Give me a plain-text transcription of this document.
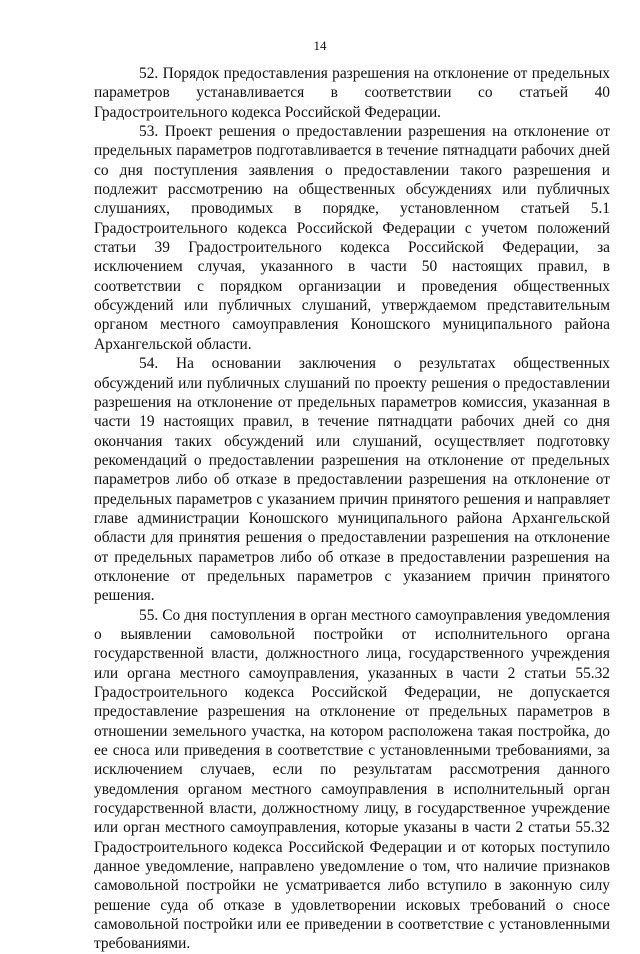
14

52. Порядок предоставления разрешения на отклонение от предельных параметров устанавливается в соответствии со статьей 40 Градостроительного кодекса Российской Федерации.

53. Проект решения о предоставлении разрешения на отклонение от предельных параметров подготавливается в течение пятнадцати рабочих дней со дня поступления заявления о предоставлении такого разрешения и подлежит рассмотрению на общественных обсуждениях или публичных слушаниях, проводимых в порядке, установленном статьей 5.1 Градостроительного кодекса Российской Федерации с учетом положений статьи 39 Градостроительного кодекса Российской Федерации, за исключением случая, указанного в части 50 настоящих правил, в соответствии с порядком организации и проведения общественных обсуждений или публичных слушаний, утверждаемом представительным органом местного самоуправления Коношского муниципального района Архангельской области.

54. На основании заключения о результатах общественных обсуждений или публичных слушаний по проекту решения о предоставлении разрешения на отклонение от предельных параметров комиссия, указанная в части 19 настоящих правил, в течение пятнадцати рабочих дней со дня окончания таких обсуждений или слушаний, осуществляет подготовку рекомендаций о предоставлении разрешения на отклонение от предельных параметров либо об отказе в предоставлении разрешения на отклонение от предельных параметров с указанием причин принятого решения и направляет главе администрации Коношского муниципального района Архангельской области для принятия решения о предоставлении разрешения на отклонение от предельных параметров либо об отказе в предоставлении разрешения на отклонение от предельных параметров с указанием причин принятого решения.

55. Со дня поступления в орган местного самоуправления уведомления о выявлении самовольной постройки от исполнительного органа государственной власти, должностного лица, государственного учреждения или органа местного самоуправления, указанных в части 2 статьи 55.32 Градостроительного кодекса Российской Федерации, не допускается предоставление разрешения на отклонение от предельных параметров в отношении земельного участка, на котором расположена такая постройка, до ее сноса или приведения в соответствие с установленными требованиями, за исключением случаев, если по результатам рассмотрения данного уведомления органом местного самоуправления в исполнительный орган государственной власти, должностному лицу, в государственное учреждение или орган местного самоуправления, которые указаны в части 2 статьи 55.32 Градостроительного кодекса Российской Федерации и от которых поступило данное уведомление, направлено уведомление о том, что наличие признаков самовольной постройки не усматривается либо вступило в законную силу решение суда об отказе в удовлетворении исковых требований о сносе самовольной постройки или ее приведении в соответствие с установленными требованиями.
